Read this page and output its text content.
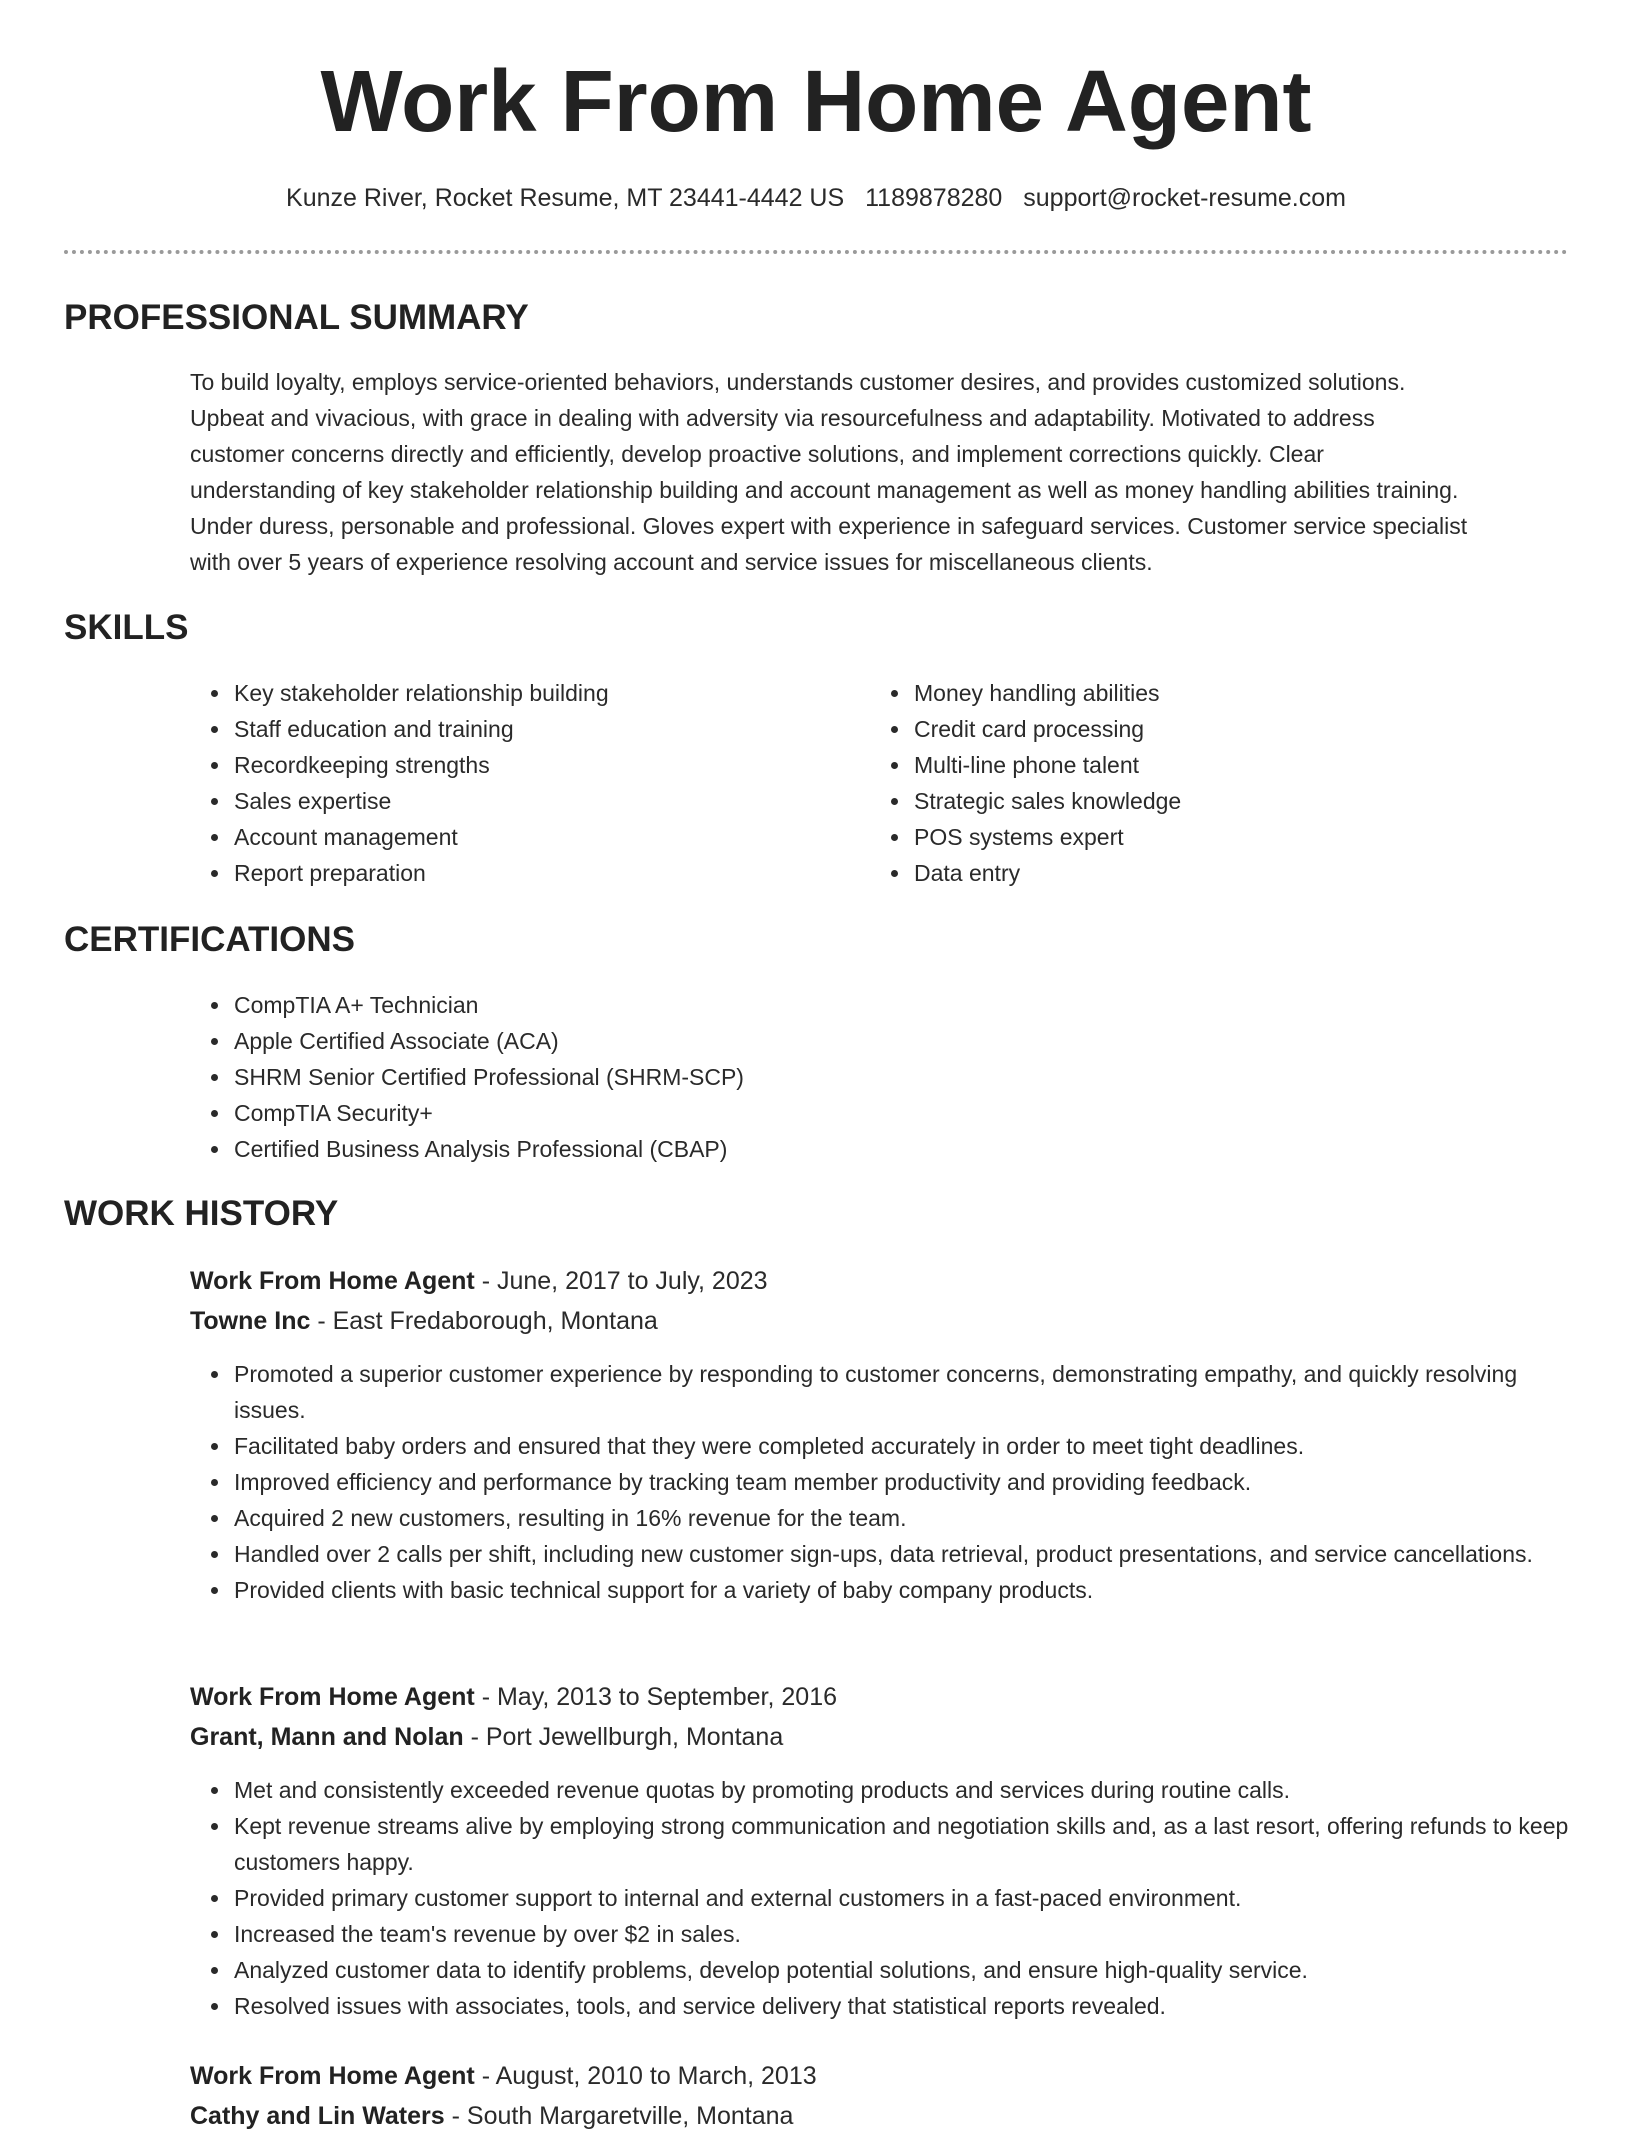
Work From Home Agent
Kunze River, Rocket Resume, MT 23441-4442 US 1189878280 support@rocket-resume.com
PROFESSIONAL SUMMARY
To build loyalty, employs service-oriented behaviors, understands customer desires, and provides customized solutions.
Upbeat and vivacious, with grace in dealing with adversity via resourcefulness and adaptability. Motivated to address
customer concerns directly and efficiently, develop proactive solutions, and implement corrections quickly. Clear
understanding of key stakeholder relationship building and account management as well as money handling abilities training.
Under duress, personable and professional. Gloves expert with experience in safeguard services. Customer service specialist
with over 5 years of experience resolving account and service issues for miscellaneous clients.
SKILLS
• Key stakeholder relationship building
• Staff education and training
• Recordkeeping strengths
• Sales expertise
• Account management
• Report preparation
• Money handling abilities
• Credit card processing
• Multi-line phone talent
• Strategic sales knowledge
• POS systems expert
• Data entry
CERTIFICATIONS
• CompTIA A+ Technician
• Apple Certified Associate (ACA)
• SHRM Senior Certified Professional (SHRM-SCP)
• CompTIA Security+
• Certified Business Analysis Professional (CBAP)
WORK HISTORY
Work From Home Agent - June, 2017 to July, 2023
Towne Inc - East Fredaborough, Montana
• Promoted a superior customer experience by responding to customer concerns, demonstrating empathy, and quickly resolving issues.
• Facilitated baby orders and ensured that they were completed accurately in order to meet tight deadlines.
• Improved efficiency and performance by tracking team member productivity and providing feedback.
• Acquired 2 new customers, resulting in 16% revenue for the team.
• Handled over 2 calls per shift, including new customer sign-ups, data retrieval, product presentations, and service cancellations.
• Provided clients with basic technical support for a variety of baby company products.
Work From Home Agent - May, 2013 to September, 2016
Grant, Mann and Nolan - Port Jewellburgh, Montana
• Met and consistently exceeded revenue quotas by promoting products and services during routine calls.
• Kept revenue streams alive by employing strong communication and negotiation skills and, as a last resort, offering refunds to keep customers happy.
• Provided primary customer support to internal and external customers in a fast-paced environment.
• Increased the team's revenue by over $2 in sales.
• Analyzed customer data to identify problems, develop potential solutions, and ensure high-quality service.
• Resolved issues with associates, tools, and service delivery that statistical reports revealed.
Work From Home Agent - August, 2010 to March, 2013
Cathy and Lin Waters - South Margaretville, Montana
